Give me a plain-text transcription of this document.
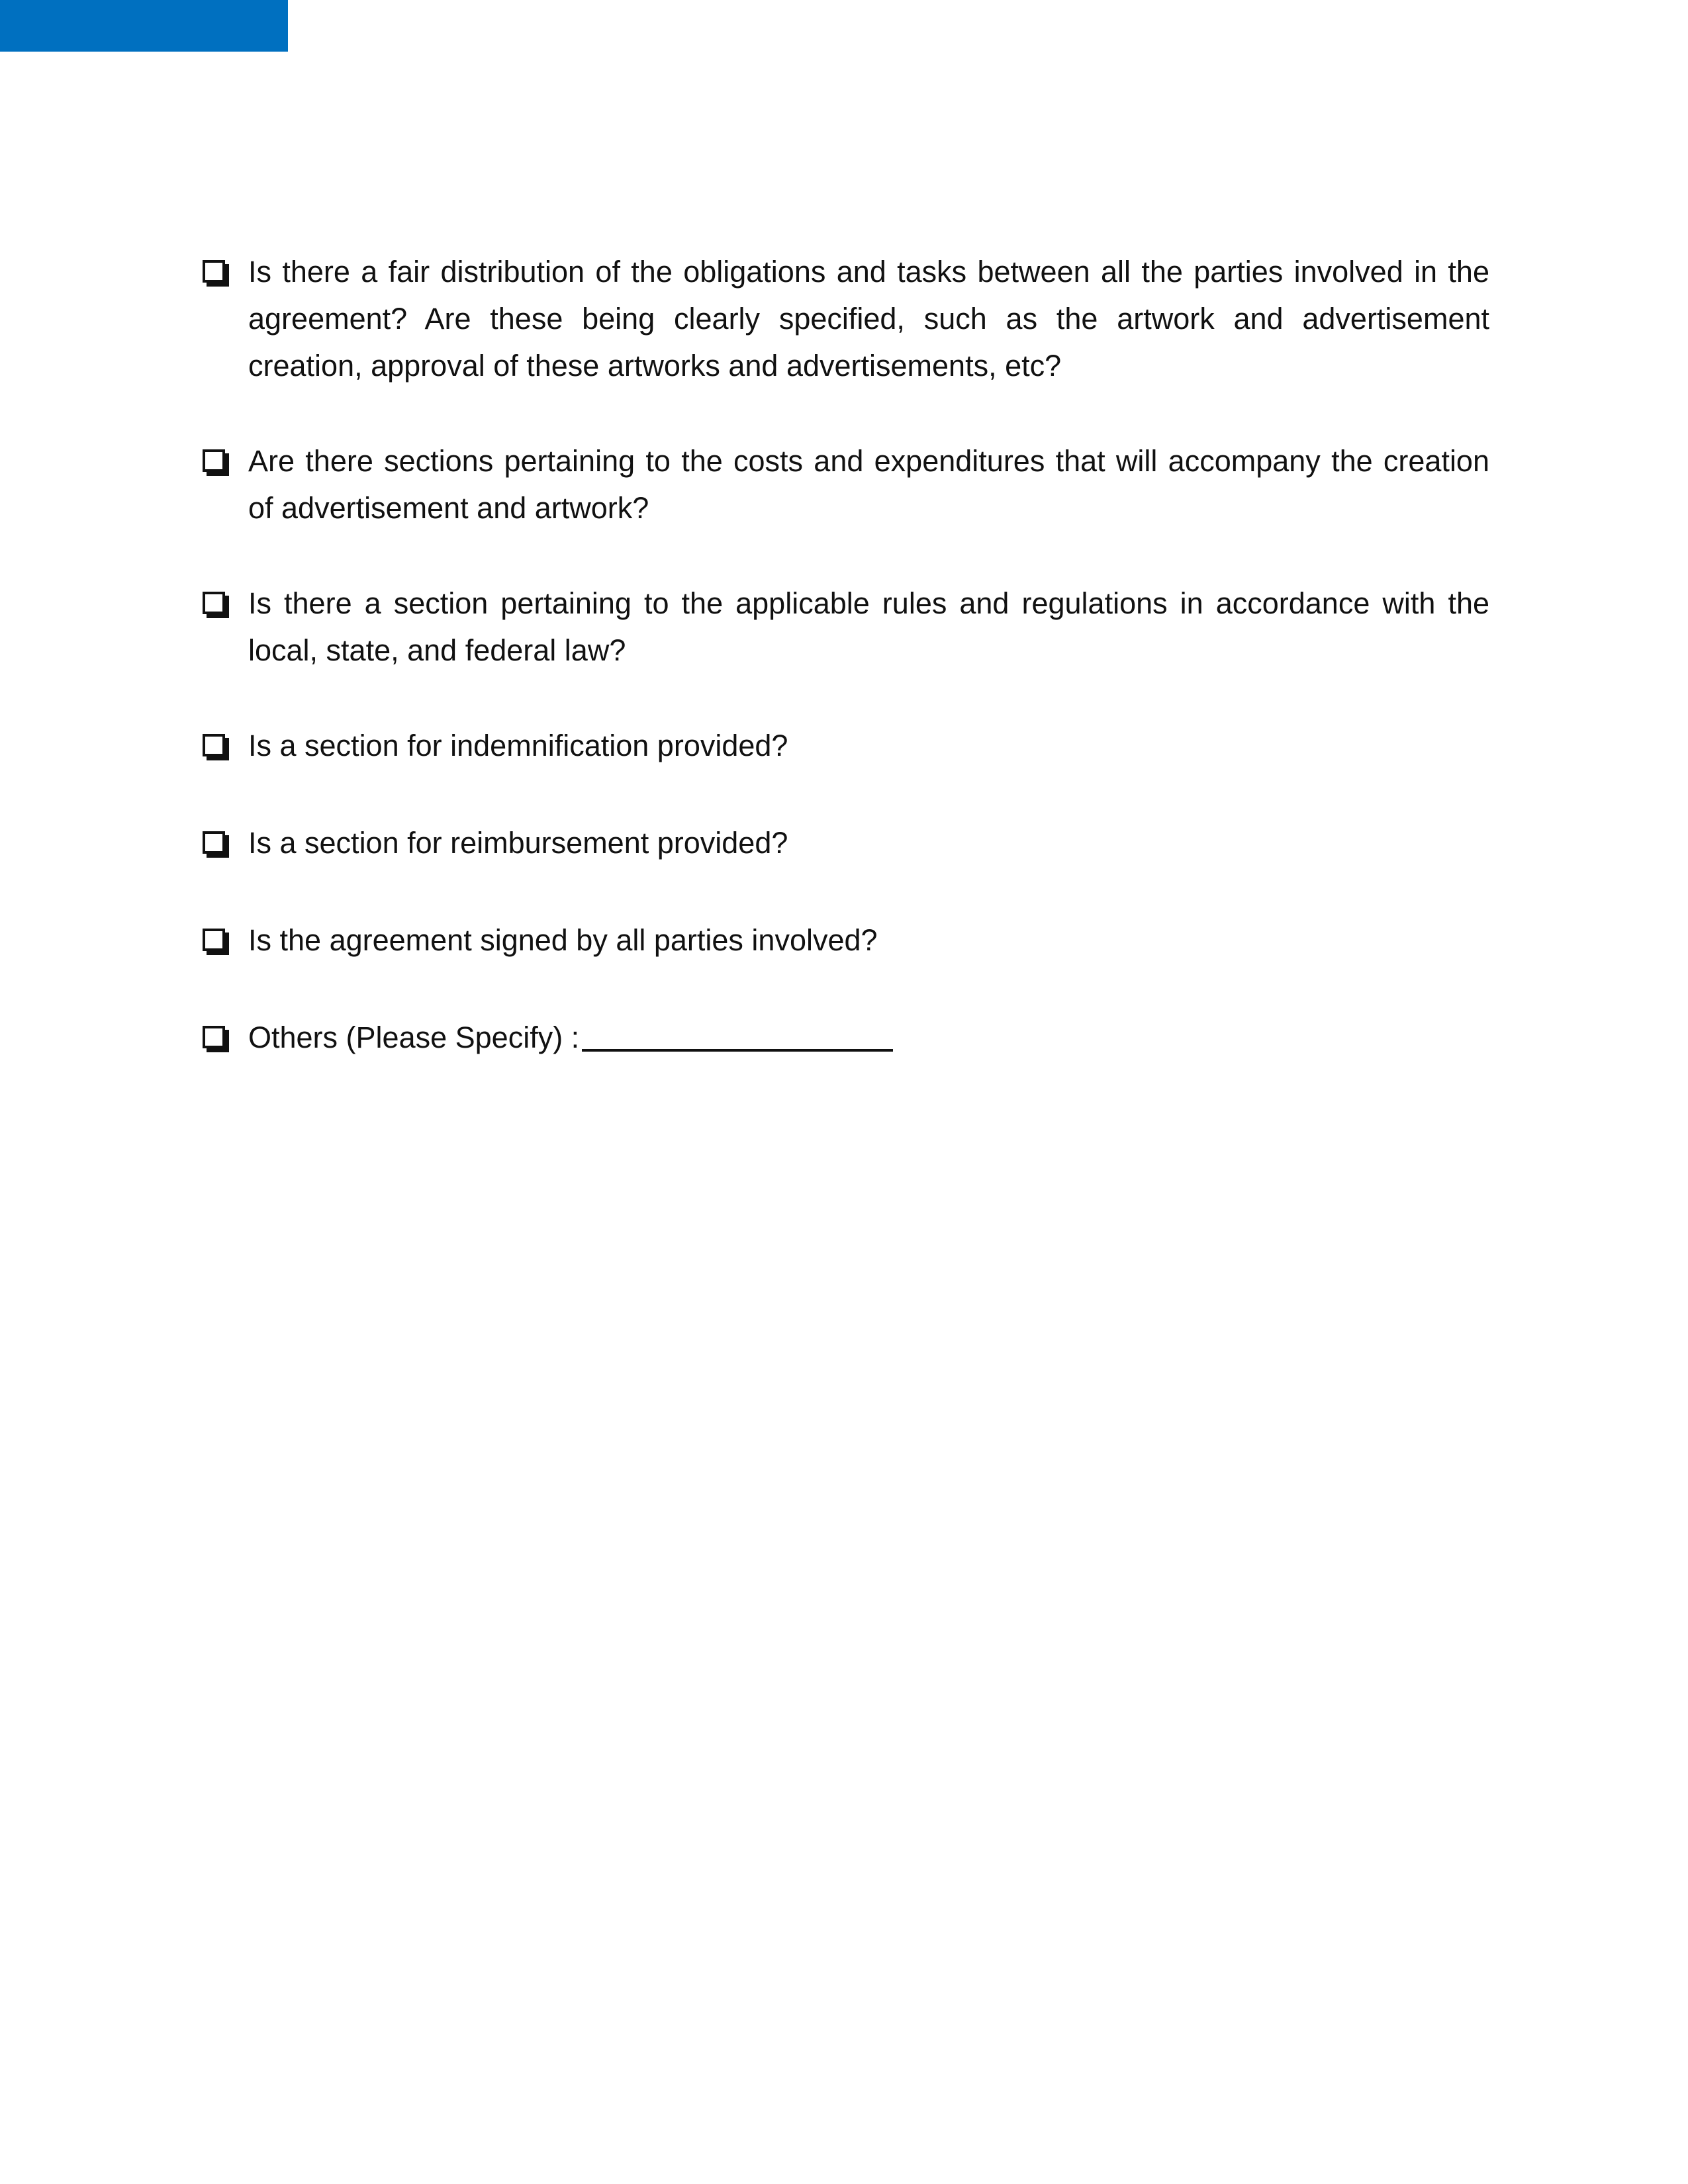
Is there a fair distribution of the obligations and tasks between all the parties involved in the agreement? Are these being clearly specified, such as the artwork and advertisement creation, approval of these artworks and advertisements, etc?
Are there sections pertaining to the costs and expenditures that will accompany the creation of advertisement and artwork?
Is there a section pertaining to the applicable rules and regulations in accordance with the local, state, and federal law?
Is a section for indemnification provided?
Is a section for reimbursement provided?
Is the agreement signed by all parties involved?
Others (Please Specify) :
